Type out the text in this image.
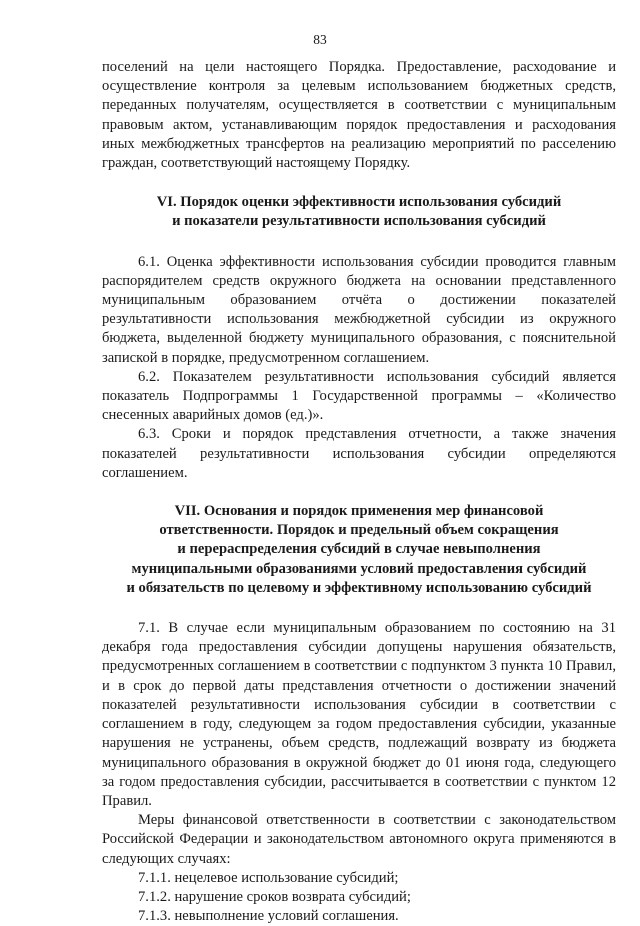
83

поселений на цели настоящего Порядка. Предоставление, расходование и осуществление контроля за целевым использованием бюджетных средств, переданных получателям, осуществляется в соответствии с муниципальным правовым актом, устанавливающим порядок предоставления и расходования иных межбюджетных трансфертов на реализацию мероприятий по расселению граждан, соответствующий настоящему Порядку.

VI. Порядок оценки эффективности использования субсидий
и показатели результативности использования субсидий

6.1. Оценка эффективности использования субсидии проводится главным распорядителем средств окружного бюджета на основании представленного муниципальным образованием отчёта о достижении показателей результативности использования межбюджетной субсидии из окружного бюджета, выделенной бюджету муниципального образования, с пояснительной запиской в порядке, предусмотренном соглашением.

6.2. Показателем результативности использования субсидий является показатель Подпрограммы 1 Государственной программы – «Количество снесенных аварийных домов (ед.)».

6.3. Сроки и порядок представления отчетности, а также значения показателей результативности использования субсидии определяются соглашением.

VII. Основания и порядок применения мер финансовой
ответственности. Порядок и предельный объем сокращения
и перераспределения субсидий в случае невыполнения
муниципальными образованиями условий предоставления субсидий
и обязательств по целевому и эффективному использованию субсидий

7.1. В случае если муниципальным образованием по состоянию на 31 декабря года предоставления субсидии допущены нарушения обязательств, предусмотренных соглашением в соответствии с подпунктом 3 пункта 10 Правил, и в срок до первой даты представления отчетности о достижении значений показателей результативности использования субсидии в соответствии с соглашением в году, следующем за годом предоставления субсидии, указанные нарушения не устранены, объем средств, подлежащий возврату из бюджета муниципального образования в окружной бюджет до 01 июня года, следующего за годом предоставления субсидии, рассчитывается в соответствии с пунктом 12 Правил.

Меры финансовой ответственности в соответствии с законодательством Российской Федерации и законодательством автономного округа применяются в следующих случаях:

7.1.1. нецелевое использование субсидий;

7.1.2. нарушение сроков возврата субсидий;

7.1.3. невыполнение условий соглашения.
